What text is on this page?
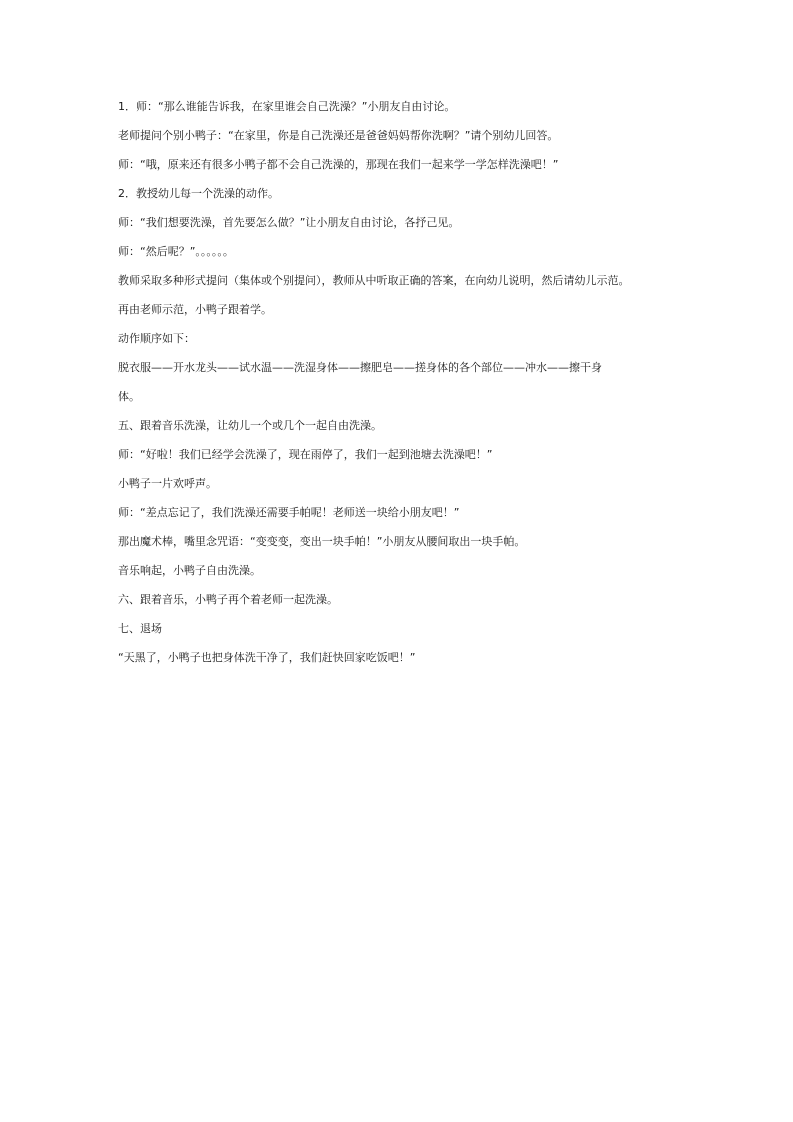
1．师：“那么谁能告诉我，在家里谁会自己洗澡？”小朋友自由讨论。
老师提问个别小鸭子：“在家里，你是自己洗澡还是爸爸妈妈帮你洗啊？”请个别幼儿回答。
师：“哦，原来还有很多小鸭子都不会自己洗澡的，那现在我们一起来学一学怎样洗澡吧！”
2．教授幼儿每一个洗澡的动作。
师：“我们想要洗澡，首先要怎么做？”让小朋友自由讨论，各抒己见。
师：“然后呢？”。。。。。。
教师采取多种形式提问（集体或个别提问），教师从中听取正确的答案，在向幼儿说明，然后请幼儿示范。
再由老师示范，小鸭子跟着学。
动作顺序如下：
脱衣服——开水龙头——试水温——洗湿身体——擦肥皂——搓身体的各个部位——冲水——擦干身
体。
五、跟着音乐洗澡，让幼儿一个或几个一起自由洗澡。
师：“好啦！我们已经学会洗澡了，现在雨停了，我们一起到池塘去洗澡吧！”
小鸭子一片欢呼声。
师：“差点忘记了，我们洗澡还需要手帕呢！老师送一块给小朋友吧！”
那出魔术棒，嘴里念咒语：“变变变，变出一块手帕！”小朋友从腰间取出一块手帕。
音乐响起，小鸭子自由洗澡。
六、跟着音乐，小鸭子再个着老师一起洗澡。
七、退场
“天黑了，小鸭子也把身体洗干净了，我们赶快回家吃饭吧！”
